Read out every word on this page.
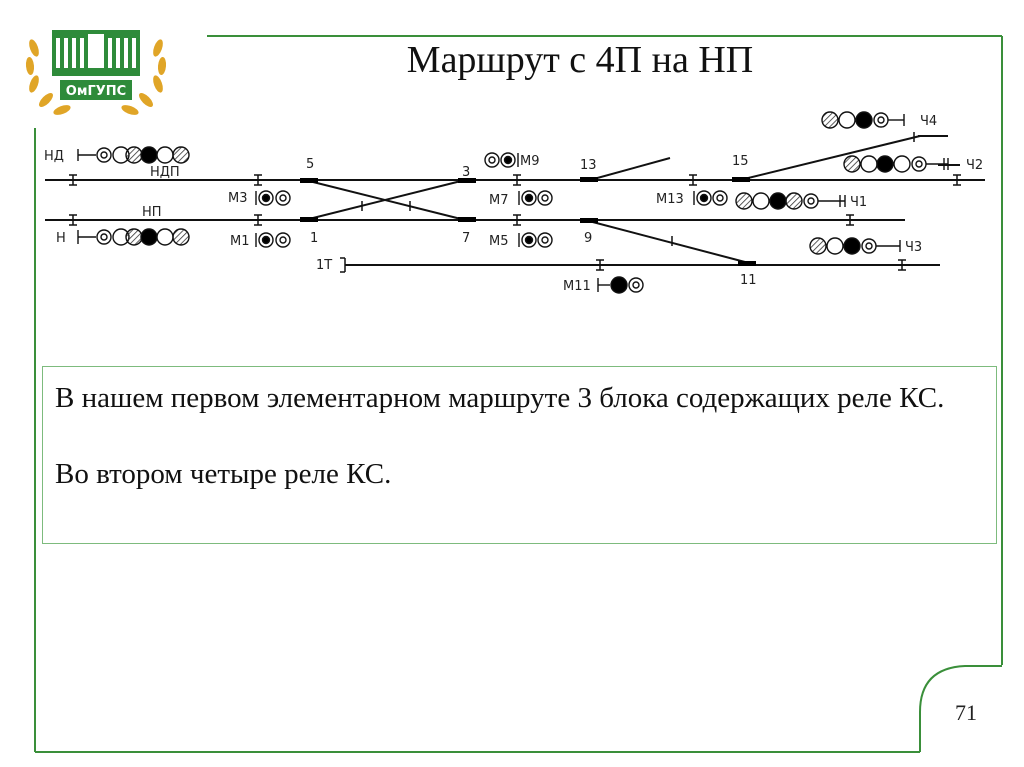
ОмГУПС
Маршрут с 4П на НП
НД
НДП
НП
Н
М3
М1
М9
М7
М5
М13
М11
Ч1
Ч2
Ч3
Ч4
1Т
5
1
3
7
13	15
9
11

В нашем первом элементарном маршруте 3 блока содержащих реле КС.

Во втором четыре реле КС.

71
